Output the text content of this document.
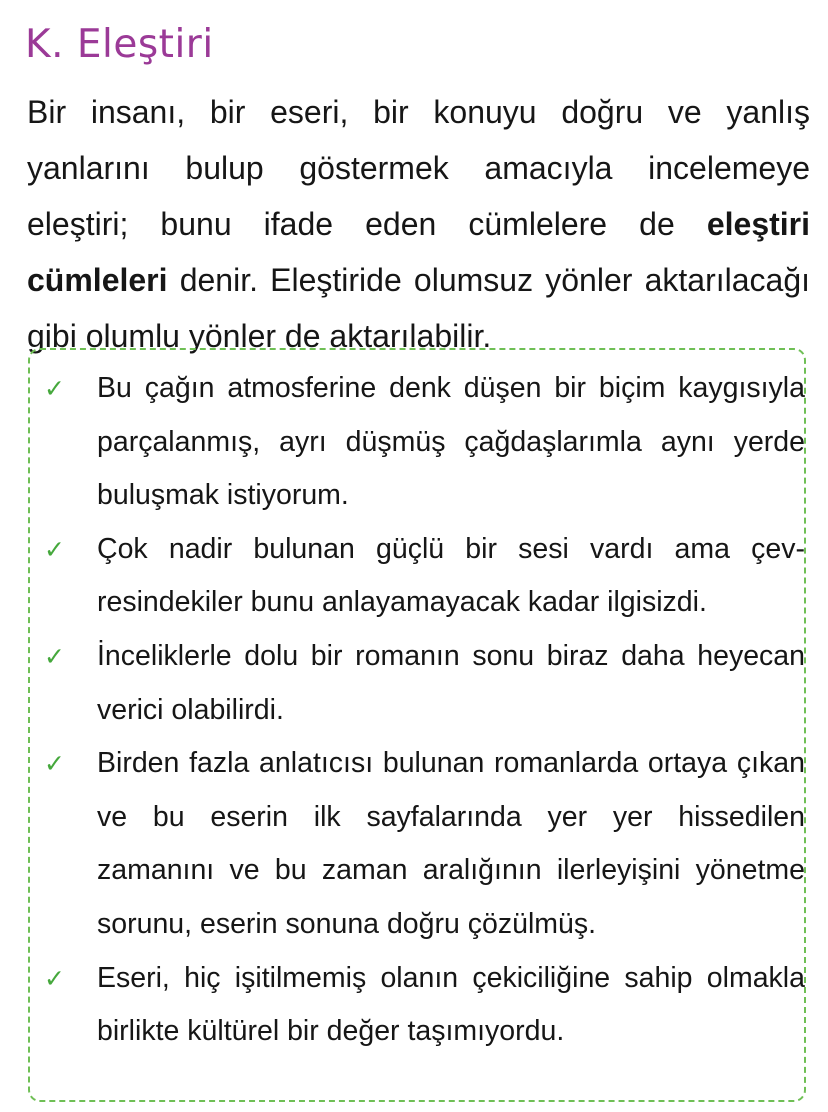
K. Eleştiri

Bir insanı, bir eseri, bir konuyu doğru ve yanlış yanlarını bulup göstermek amacıyla incelemeye eleştiri; bunu ifade eden cümlelere de eleştiri cümleleri denir. Eleştiride olumsuz yönler aktarılacağı gibi olumlu yönler de aktarılabilir.

✓	Bu çağın atmosferine denk düşen bir biçim kaygısıyla parçalanmış, ayrı düşmüş çağdaşlarımla aynı yerde buluşmak istiyorum.
✓	Çok nadir bulunan güçlü bir sesi vardı ama çevresindekiler bunu anlayamayacak kadar ilgisizdi.
✓	İnceliklerle dolu bir romanın sonu biraz daha heyecan verici olabilirdi.
✓	Birden fazla anlatıcısı bulunan romanlarda ortaya çıkan ve bu eserin ilk sayfalarında yer yer hissedilen zamanını ve bu zaman aralığının ilerleyişini yönetme sorunu, eserin sonuna doğru çözülmüş.
✓	Eseri, hiç işitilmemiş olanın çekiciliğine sahip olmakla birlikte kültürel bir değer taşımıyordu.
